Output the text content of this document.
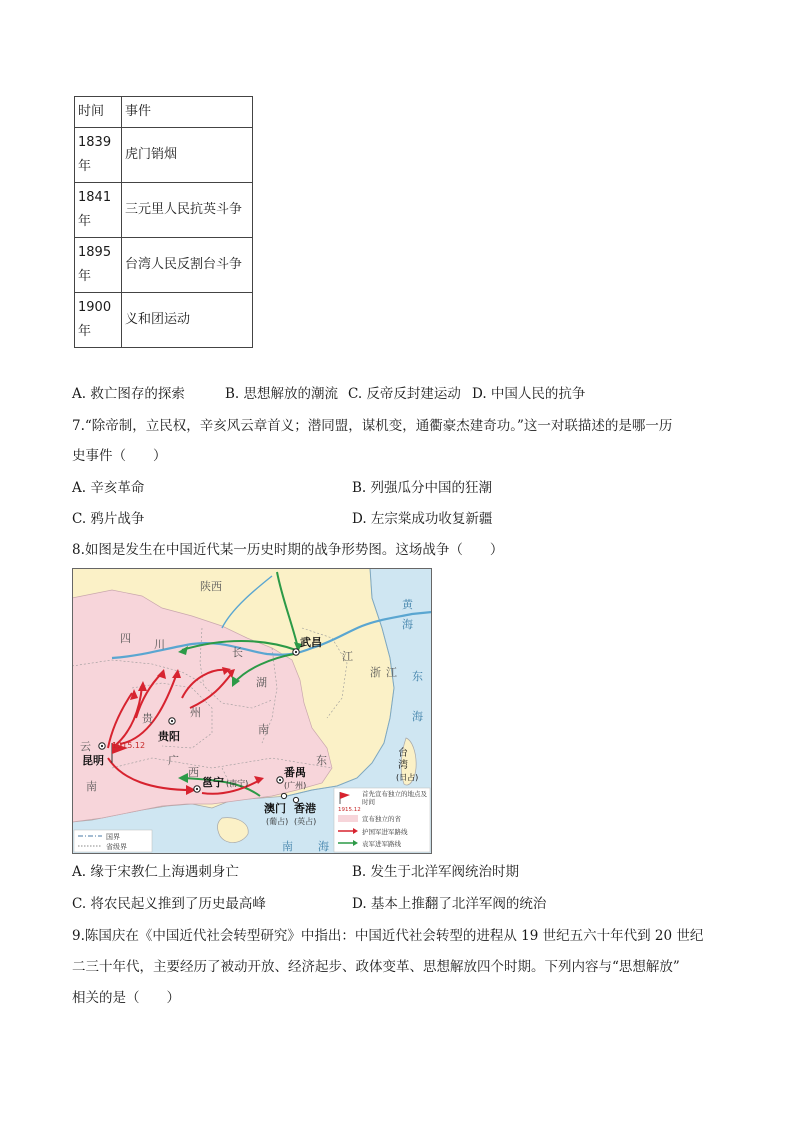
时间	事件
1839年	虎门销烟
1841年	三元里人民抗英斗争
1895年	台湾人民反割台斗争
1900年	义和团运动
A. 救亡图存的探索	B. 思想解放的潮流 C. 反帝反封建运动 D. 中国人民的抗争
7.“除帝制，立民权，辛亥风云章首义；潜同盟，谋机变，通衢豪杰建奇功。”这一对联描述的是哪一历
史事件（　　）
A. 辛亥革命	B. 列强瓜分中国的狂潮
C. 鸦片战争	D. 左宗棠成功收复新疆
8.如图是发生在中国近代某一历史时期的战争形势图。这场战争（　　）
陕西
四 川
长	江
湖
南
贵	州
云
南
广
西
东
浙 江
黄
海
东
海
南 海
武昌
贵阳
昆明
邕宁
番禺
澳门 香港
(南宁)	(广州)
(葡占) (英占)
1915.12
台
湾
(日占)
国界
省级界
1915.12
首先宣布独立的地点及时间
宣布独立的省
护国军进军路线
袁军进军路线
A. 缘于宋教仁上海遇刺身亡	B. 发生于北洋军阀统治时期
C. 将农民起义推到了历史最高峰	D. 基本上推翻了北洋军阀的统治
9.陈国庆在《中国近代社会转型研究》中指出：中国近代社会转型的进程从 19 世纪五六十年代到 20 世纪
二三十年代，主要经历了被动开放、经济起步、政体变革、思想解放四个时期。下列内容与“思想解放”
相关的是（　　）
